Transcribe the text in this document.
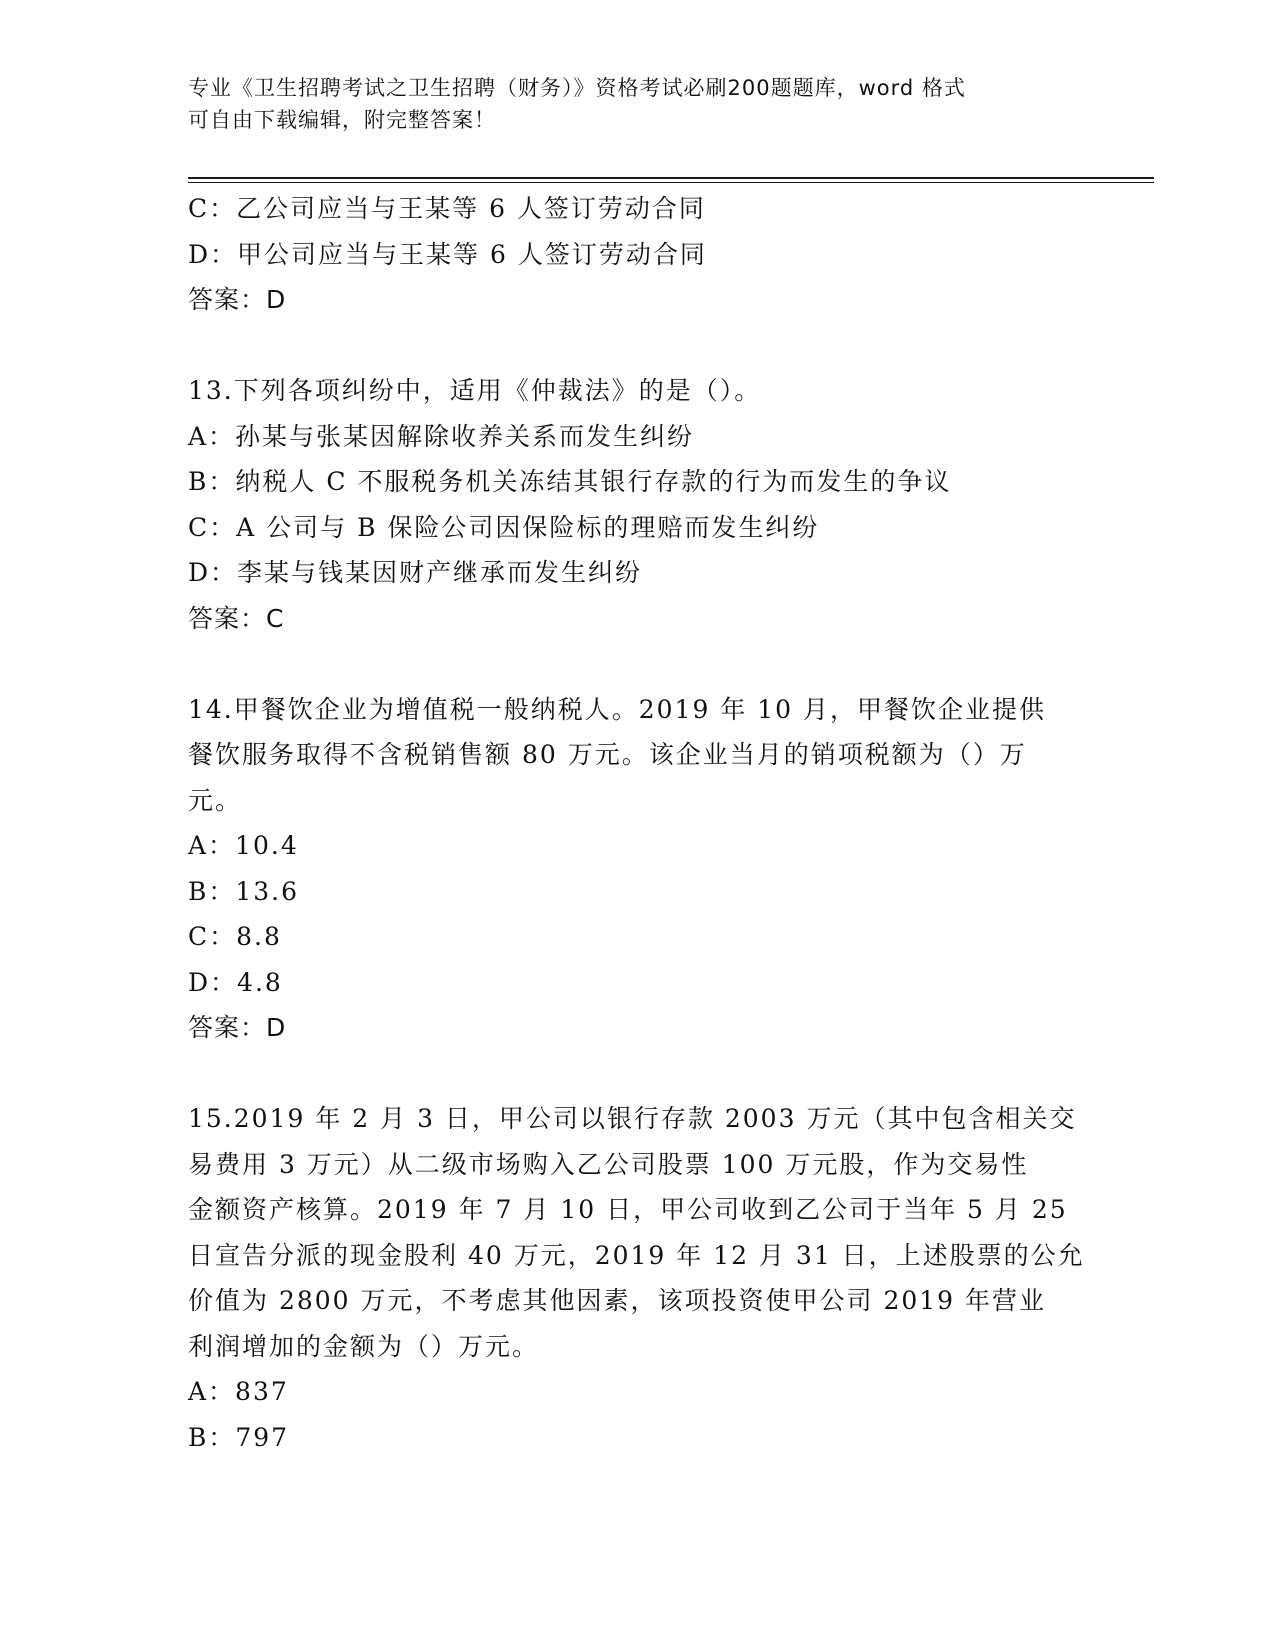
专业《卫生招聘考试之卫生招聘（财务）》资格考试必刷200题题库，word 格式
可自由下载编辑，附完整答案！

C：乙公司应当与王某等 6 人签订劳动合同

D：甲公司应当与王某等 6 人签订劳动合同

答案：D

13.下列各项纠纷中，适用《仲裁法》的是（）。

A：孙某与张某因解除收养关系而发生纠纷

B：纳税人 C 不服税务机关冻结其银行存款的行为而发生的争议

C：A 公司与 B 保险公司因保险标的理赔而发生纠纷

D：李某与钱某因财产继承而发生纠纷

答案：C

14.甲餐饮企业为增值税一般纳税人。2019 年 10 月，甲餐饮企业提供

餐饮服务取得不含税销售额 80 万元。该企业当月的销项税额为（）万

元。

A：10.4

B：13.6

C：8.8

D：4.8

答案：D

15.2019 年 2 月 3 日，甲公司以银行存款 2003 万元（其中包含相关交

易费用 3 万元）从二级市场购入乙公司股票 100 万元股，作为交易性

金额资产核算。2019 年 7 月 10 日，甲公司收到乙公司于当年 5 月 25

日宣告分派的现金股利 40 万元，2019 年 12 月 31 日，上述股票的公允

价值为 2800 万元，不考虑其他因素，该项投资使甲公司 2019 年营业

利润增加的金额为（）万元。

A：837

B：797
